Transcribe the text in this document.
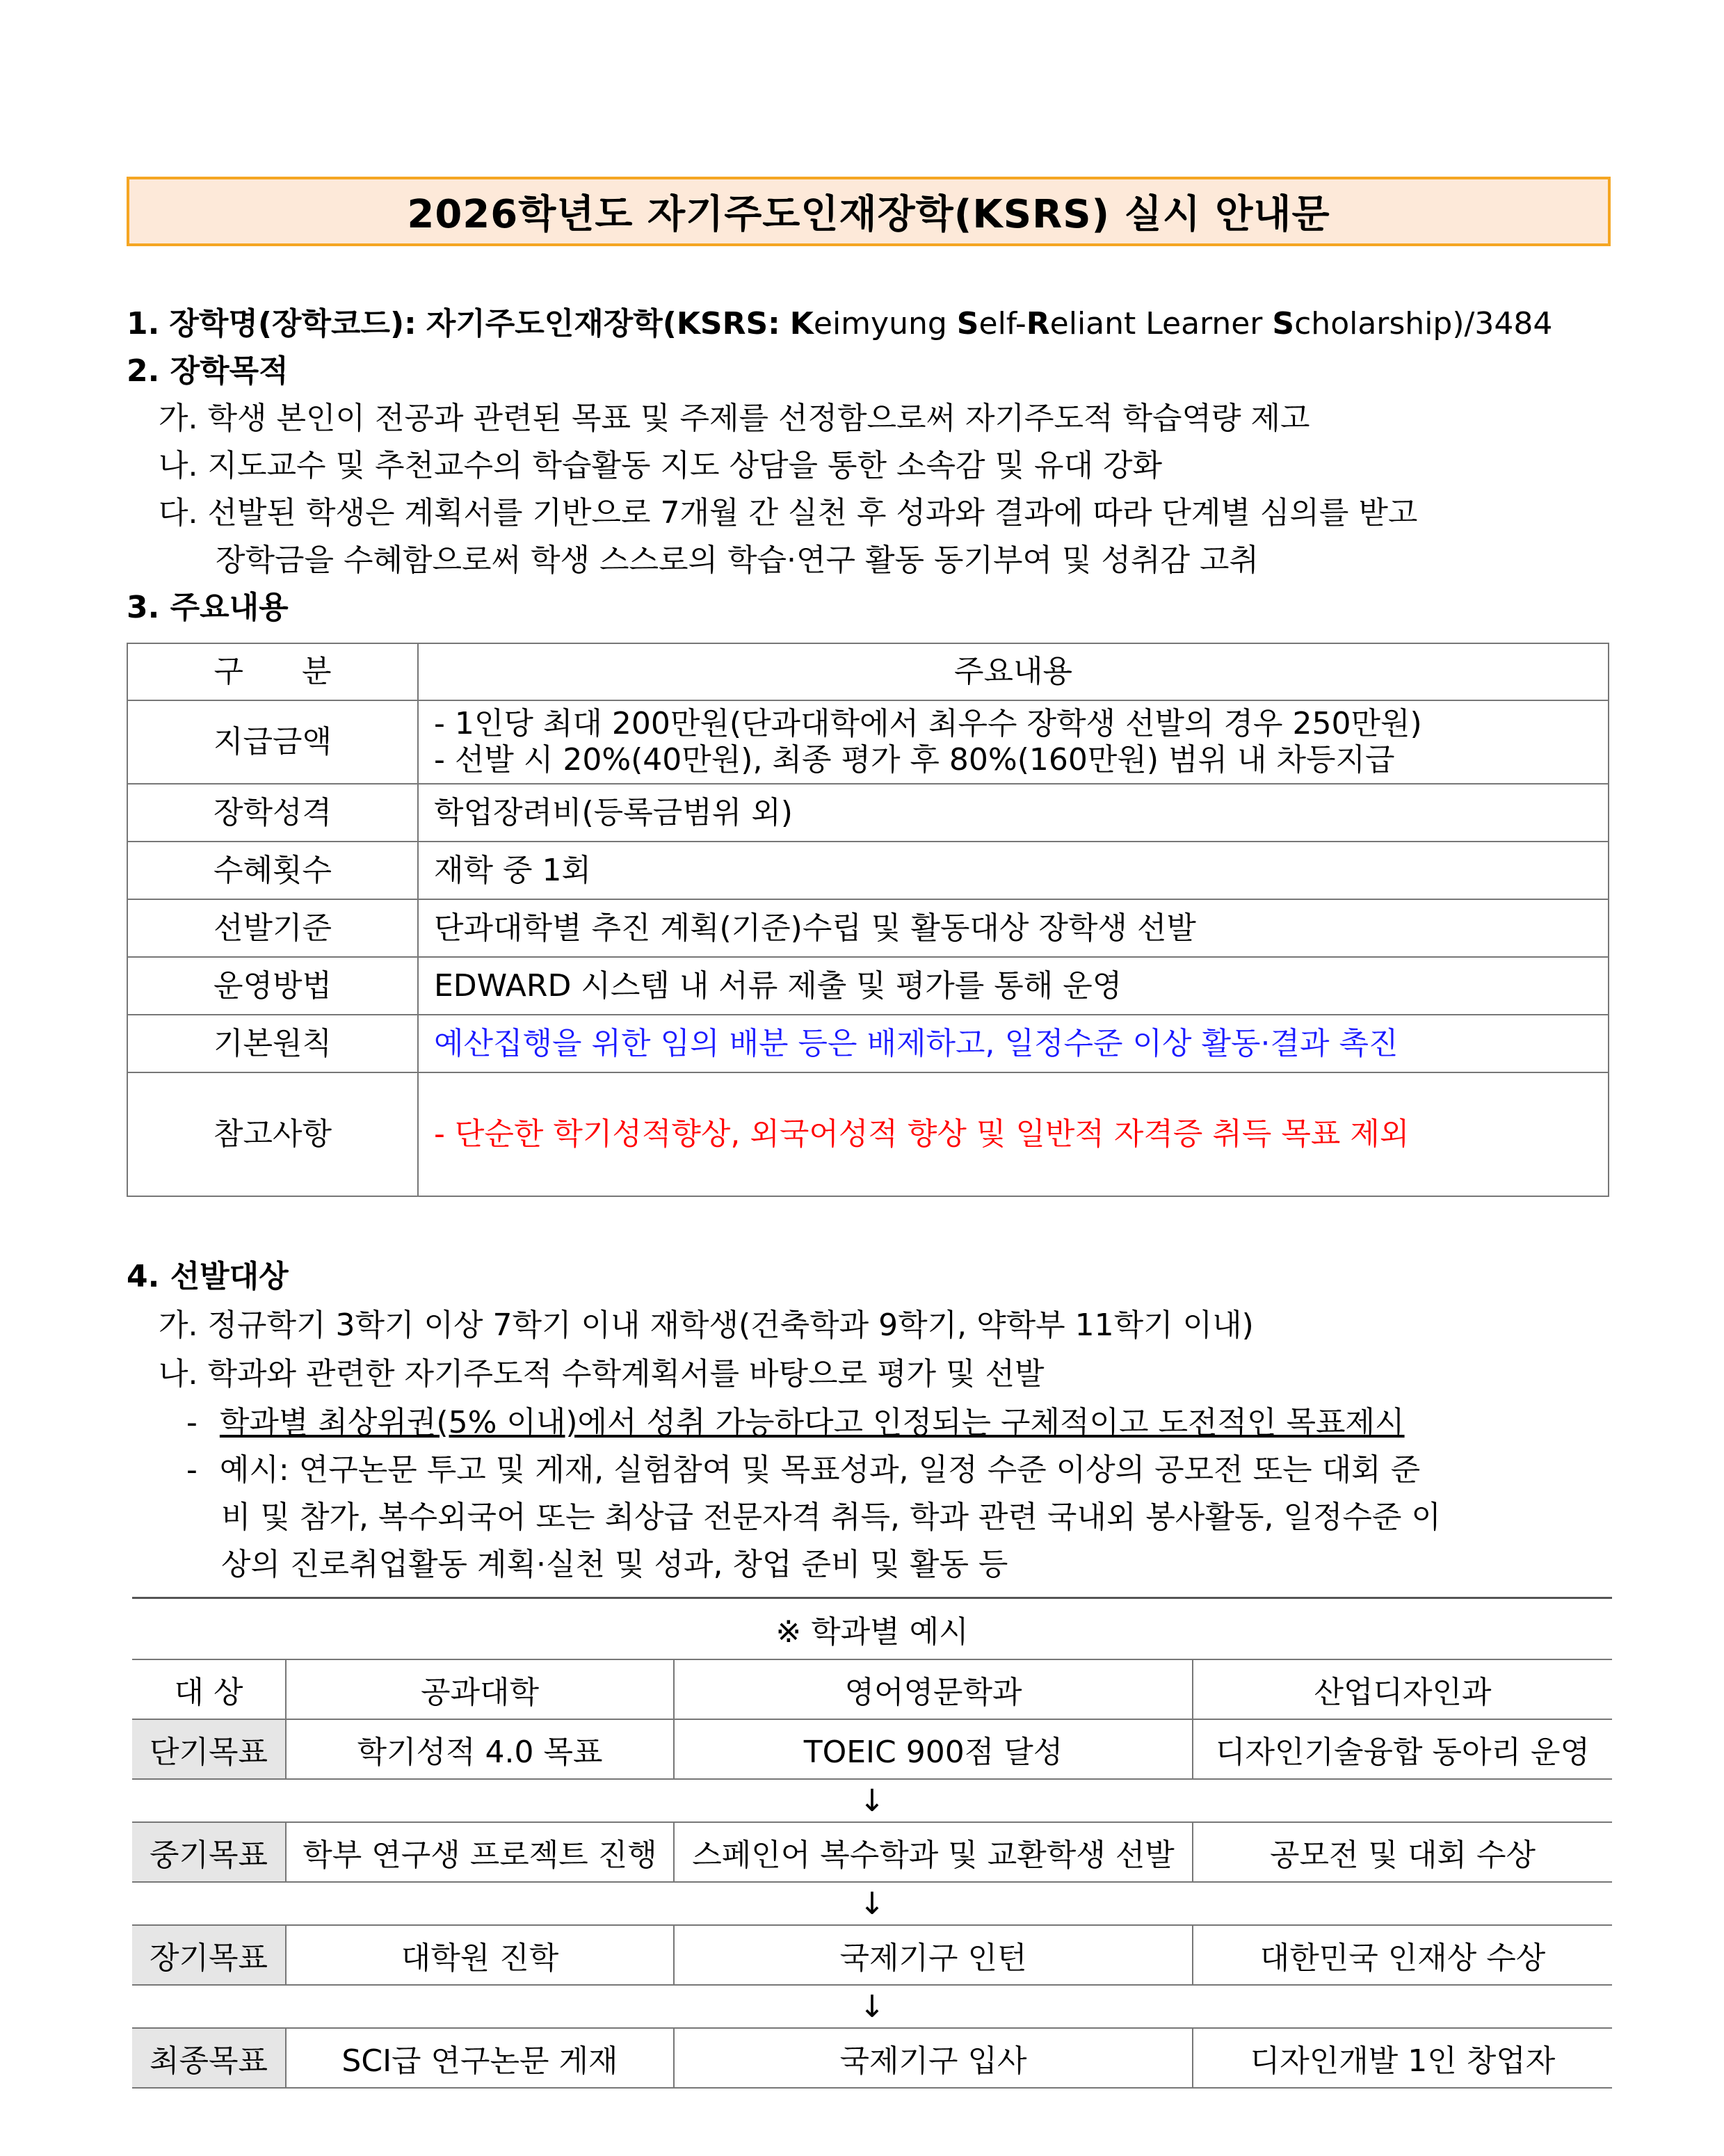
2026학년도 자기주도인재장학(KSRS) 실시 안내문
1. 장학명(장학코드): 자기주도인재장학(KSRS: Keimyung Self-Reliant Learner Scholarship)/3484
2. 장학목적
가. 학생 본인이 전공과 관련된 목표 및 주제를 선정함으로써 자기주도적 학습역량 제고
나. 지도교수 및 추천교수의 학습활동 지도 상담을 통한 소속감 및 유대 강화
다. 선발된 학생은 계획서를 기반으로 7개월 간 실천 후 성과와 결과에 따라 단계별 심의를 받고
장학금을 수혜함으로써 학생 스스로의 학습·연구 활동 동기부여 및 성취감 고취
3. 주요내용
구      분	주요내용
지급금액	- 1인당 최대 200만원(단과대학에서 최우수 장학생 선발의 경우 250만원)
- 선발 시 20%(40만원), 최종 평가 후 80%(160만원) 범위 내 차등지급

장학성격	학업장려비(등록금범위 외)
수혜횟수	재학 중 1회
선발기준	단과대학별 추진 계획(기준)수립 및 활동대상 장학생 선발
운영방법	EDWARD 시스템 내 서류 제출 및 평가를 통해 운영
기본원칙	예산집행을 위한 임의 배분 등은 배제하고, 일정수준 이상 활동·결과 촉진
참고사항	- 단순한 학기성적향상, 외국어성적 향상 및 일반적 자격증 취득 목표 제외
4. 선발대상
가. 정규학기 3학기 이상 7학기 이내 재학생(건축학과 9학기, 약학부 11학기 이내)
나. 학과와 관련한 자기주도적 수학계획서를 바탕으로 평가 및 선발
- 학과별 최상위권(5% 이내)에서 성취 가능하다고 인정되는 구체적이고 도전적인 목표제시
- 예시: 연구논문 투고 및 게재, 실험참여 및 목표성과, 일정 수준 이상의 공모전 또는 대회 준
비 및 참가, 복수외국어 또는 최상급 전문자격 취득, 학과 관련 국내외 봉사활동, 일정수준 이
상의 진로취업활동 계획·실천 및 성과, 창업 준비 및 활동 등
※ 학과별 예시			
대 상	공과대학	영어영문학과	산업디자인과
단기목표	학기성적 4.0 목표	TOEIC 900점 달성	디자인기술융합 동아리 운영
↓			
중기목표	학부 연구생 프로젝트 진행	스페인어 복수학과 및 교환학생 선발	공모전 및 대회 수상
↓			
장기목표	대학원 진학	국제기구 인턴	대한민국 인재상 수상
↓			
최종목표	SCI급 연구논문 게재	국제기구 입사	디자인개발 1인 창업자
